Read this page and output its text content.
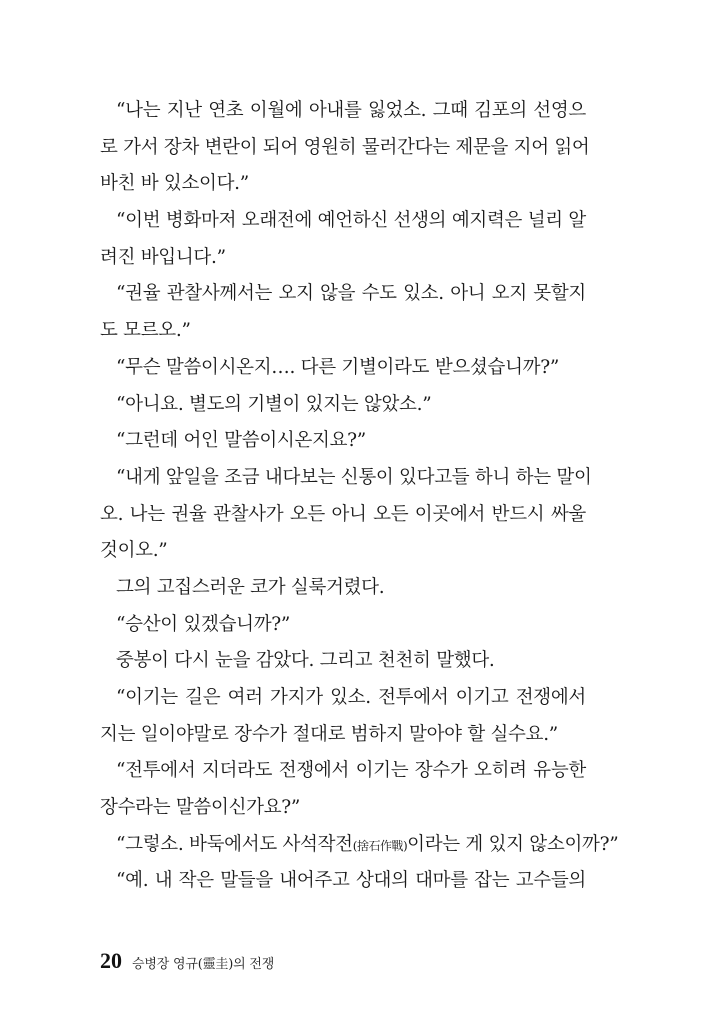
“나는 지난 연초 이월에 아내를 잃었소. 그때 김포의 선영으
로 가서 장차 변란이 되어 영원히 물러간다는 제문을 지어 읽어
바친 바 있소이다.”
“이번 병화마저 오래전에 예언하신 선생의 예지력은 널리 알
려진 바입니다.”
“권율 관찰사께서는 오지 않을 수도 있소. 아니 오지 못할지
도 모르오.”
“무슨 말씀이시온지…. 다른 기별이라도 받으셨습니까?”
“아니요. 별도의 기별이 있지는 않았소.”
“그런데 어인 말씀이시온지요?”
“내게 앞일을 조금 내다보는 신통이 있다고들 하니 하는 말이
오. 나는 권율 관찰사가 오든 아니 오든 이곳에서 반드시 싸울
것이오.”
그의 고집스러운 코가 실룩거렸다.
“승산이 있겠습니까?”
중봉이 다시 눈을 감았다. 그리고 천천히 말했다.
“이기는 길은 여러 가지가 있소. 전투에서 이기고 전쟁에서
지는 일이야말로 장수가 절대로 범하지 말아야 할 실수요.”
“전투에서 지더라도 전쟁에서 이기는 장수가 오히려 유능한
장수라는 말씀이신가요?”
“그렇소. 바둑에서도 사석작전(捨石作戰)이라는 게 있지 않소이까?”
“예. 내 작은 말들을 내어주고 상대의 대마를 잡는 고수들의
20 승병장 영규(靈圭)의 전쟁
